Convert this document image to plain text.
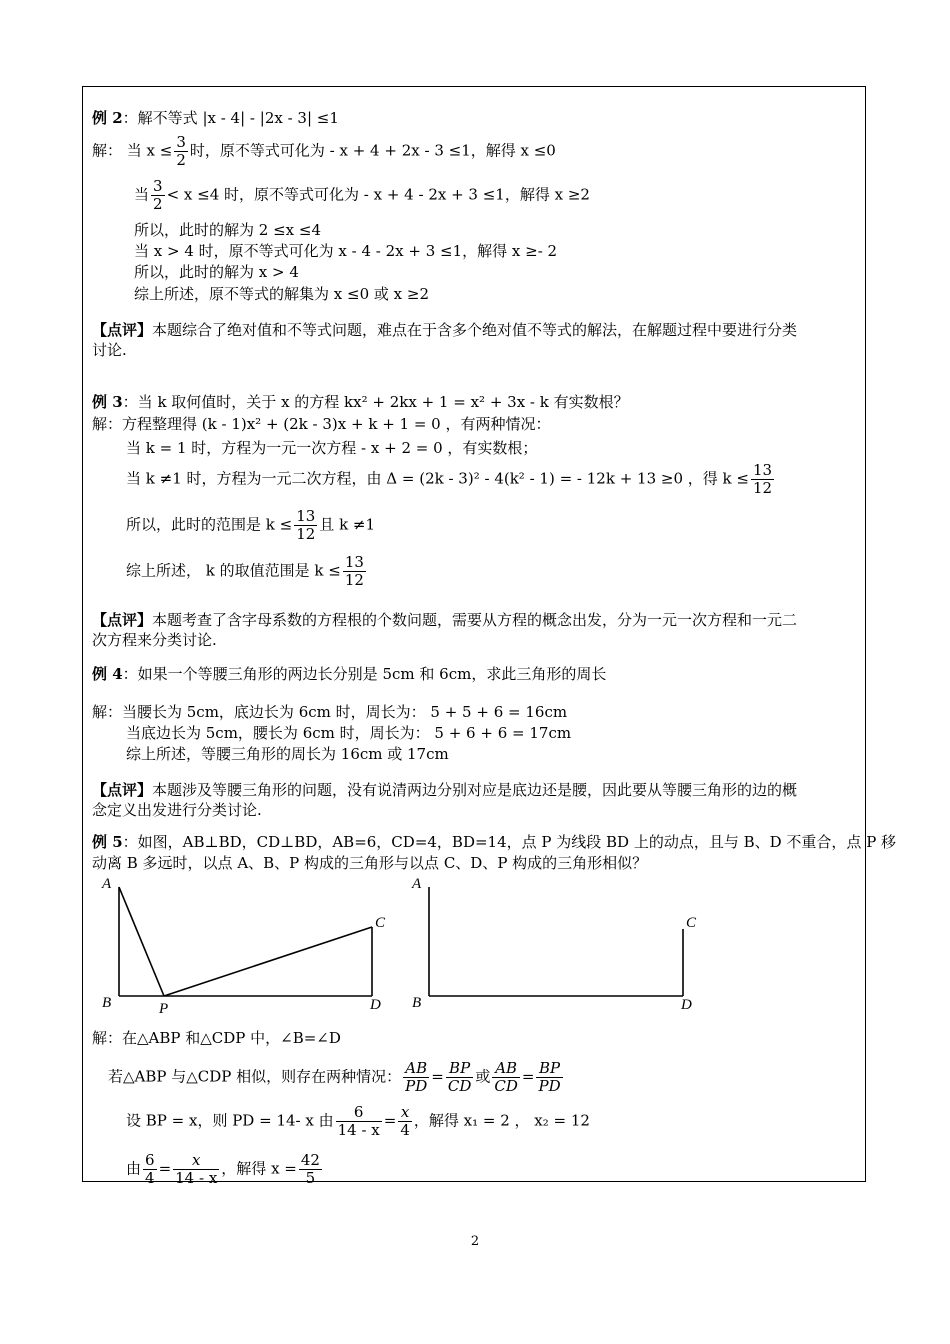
例 2：解不等式 |x - 4| - |2x - 3| ≤1
解： 当 $x \le \frac{3}{2}$ 时，原不等式可化为 - x + 4 + 2x - 3 ≤1，解得 x ≤0
当 $\frac{3}{2} < x \le 4$ 时，原不等式可化为 - x + 4 - 2x + 3 ≤1，解得 x ≥2
所以，此时的解为 2 ≤x ≤4
当 x > 4 时，原不等式可化为 x - 4 - 2x + 3 ≤1，解得 x ≥- 2
所以，此时的解为 x > 4
综上所述，原不等式的解集为 x ≤0 或 x ≥2
【点评】本题综合了绝对值和不等式问题，难点在于含多个绝对值不等式的解法，在解题过程中要进行分类
讨论.
例 3：当 k 取何值时，关于 x 的方程 kx² + 2kx + 1 = x² + 3x - k 有实数根？
解：方程整理得 (k - 1)x² + (2k - 3)x + k + 1 = 0 ，有两种情况：
当 k = 1 时，方程为一元一次方程 - x + 2 = 0 ，有实数根；
当 k ≠1 时，方程为一元二次方程，由 Δ = (2k - 3)² - 4(k² - 1) = - 12k + 13 ≥0 ，得 $k \le \frac{13}{12}$
所以，此时的范围是 $k \le \frac{13}{12}$ 且 k ≠1
综上所述， k 的取值范围是 $k \le \frac{13}{12}$
【点评】本题考查了含字母系数的方程根的个数问题，需要从方程的概念出发，分为一元一次方程和一元二
次方程来分类讨论.
例 4：如果一个等腰三角形的两边长分别是 5cm 和 6cm，求此三角形的周长
解：当腰长为 5cm，底边长为 6cm 时，周长为： 5 + 5 + 6 = 16cm
当底边长为 5cm，腰长为 6cm 时，周长为： 5 + 6 + 6 = 17cm
综上所述，等腰三角形的周长为 16cm 或 17cm
【点评】本题涉及等腰三角形的问题，没有说清两边分别对应是底边还是腰，因此要从等腰三角形的边的概
念定义出发进行分类讨论.
例 5：如图，AB⊥BD，CD⊥BD，AB=6，CD=4，BD=14，点 P 为线段 BD 上的动点，且与 B、D 不重合，点 P 移
动离 B 多远时，以点 A、B、P 构成的三角形与以点 C、D、P 构成的三角形相似？
A
B	P
C
D
A
B
C
D
解：在△ABP 和△CDP 中，∠B=∠D
若△ABP 与△CDP 相似，则存在两种情况： $\frac{AB}{PD} = \frac{BP}{CD}$ 或 $\frac{AB}{CD} = \frac{BP}{PD}$
设 BP = x，则 PD = 14- x 由 $\frac{6}{14 - x} = \frac{x}{4}$ ，解得 x₁ = 2 ， x₂ = 12
由 $\frac{6}{4} = \frac{x}{14 - x}$ ，解得 $x = \frac{42}{5}$
2
